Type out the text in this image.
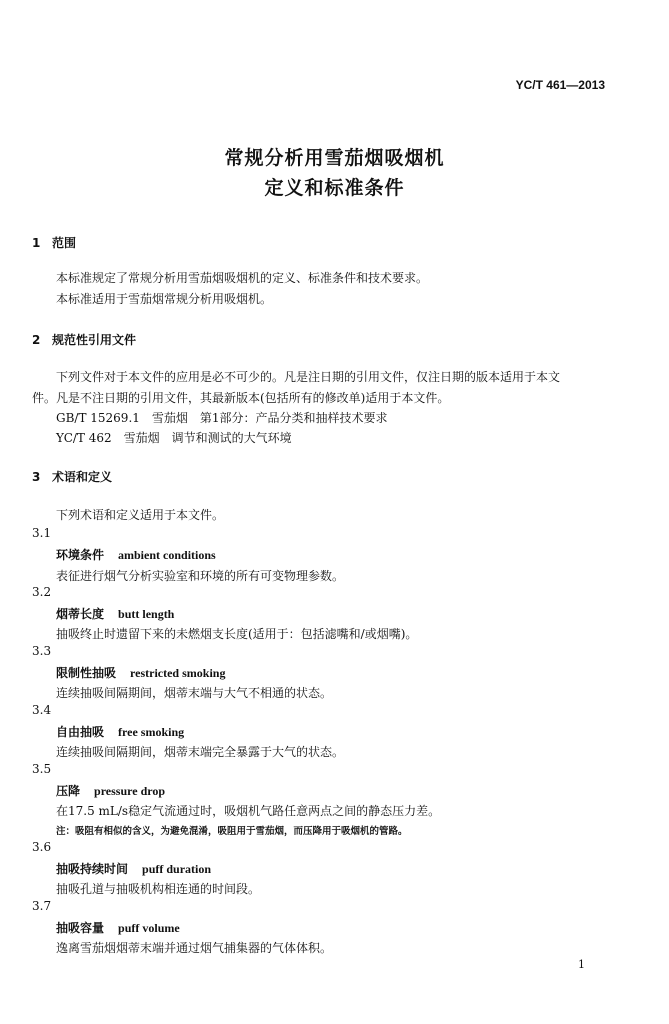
YC/T 461—2013
常规分析用雪茄烟吸烟机
定义和标准条件
1 范围
本标准规定了常规分析用雪茄烟吸烟机的定义、标准条件和技术要求。
本标准适用于雪茄烟常规分析用吸烟机。
2 规范性引用文件
下列文件对于本文件的应用是必不可少的。凡是注日期的引用文件，仅注日期的版本适用于本文
件。凡是不注日期的引用文件，其最新版本(包括所有的修改单)适用于本文件。
GB/T 15269.1　雪茄烟　第1部分：产品分类和抽样技术要求
YC/T 462　雪茄烟　调节和测试的大气环境
3 术语和定义
下列术语和定义适用于本文件。
3.1
环境条件 ambient conditions
表征进行烟气分析实验室和环境的所有可变物理参数。
3.2
烟蒂长度 butt length
抽吸终止时遗留下来的未燃烟支长度(适用于：包括滤嘴和/或烟嘴)。
3.3
限制性抽吸 restricted smoking
连续抽吸间隔期间，烟蒂末端与大气不相通的状态。
3.4
自由抽吸 free smoking
连续抽吸间隔期间，烟蒂末端完全暴露于大气的状态。
3.5
压降 pressure drop
在17.5 mL/s稳定气流通过时，吸烟机气路任意两点之间的静态压力差。
注：吸阻有相似的含义，为避免混淆，吸阻用于雪茄烟，而压降用于吸烟机的管路。
3.6
抽吸持续时间 puff duration
抽吸孔道与抽吸机构相连通的时间段。
3.7
抽吸容量 puff volume
逸离雪茄烟烟蒂末端并通过烟气捕集器的气体体积。
1
